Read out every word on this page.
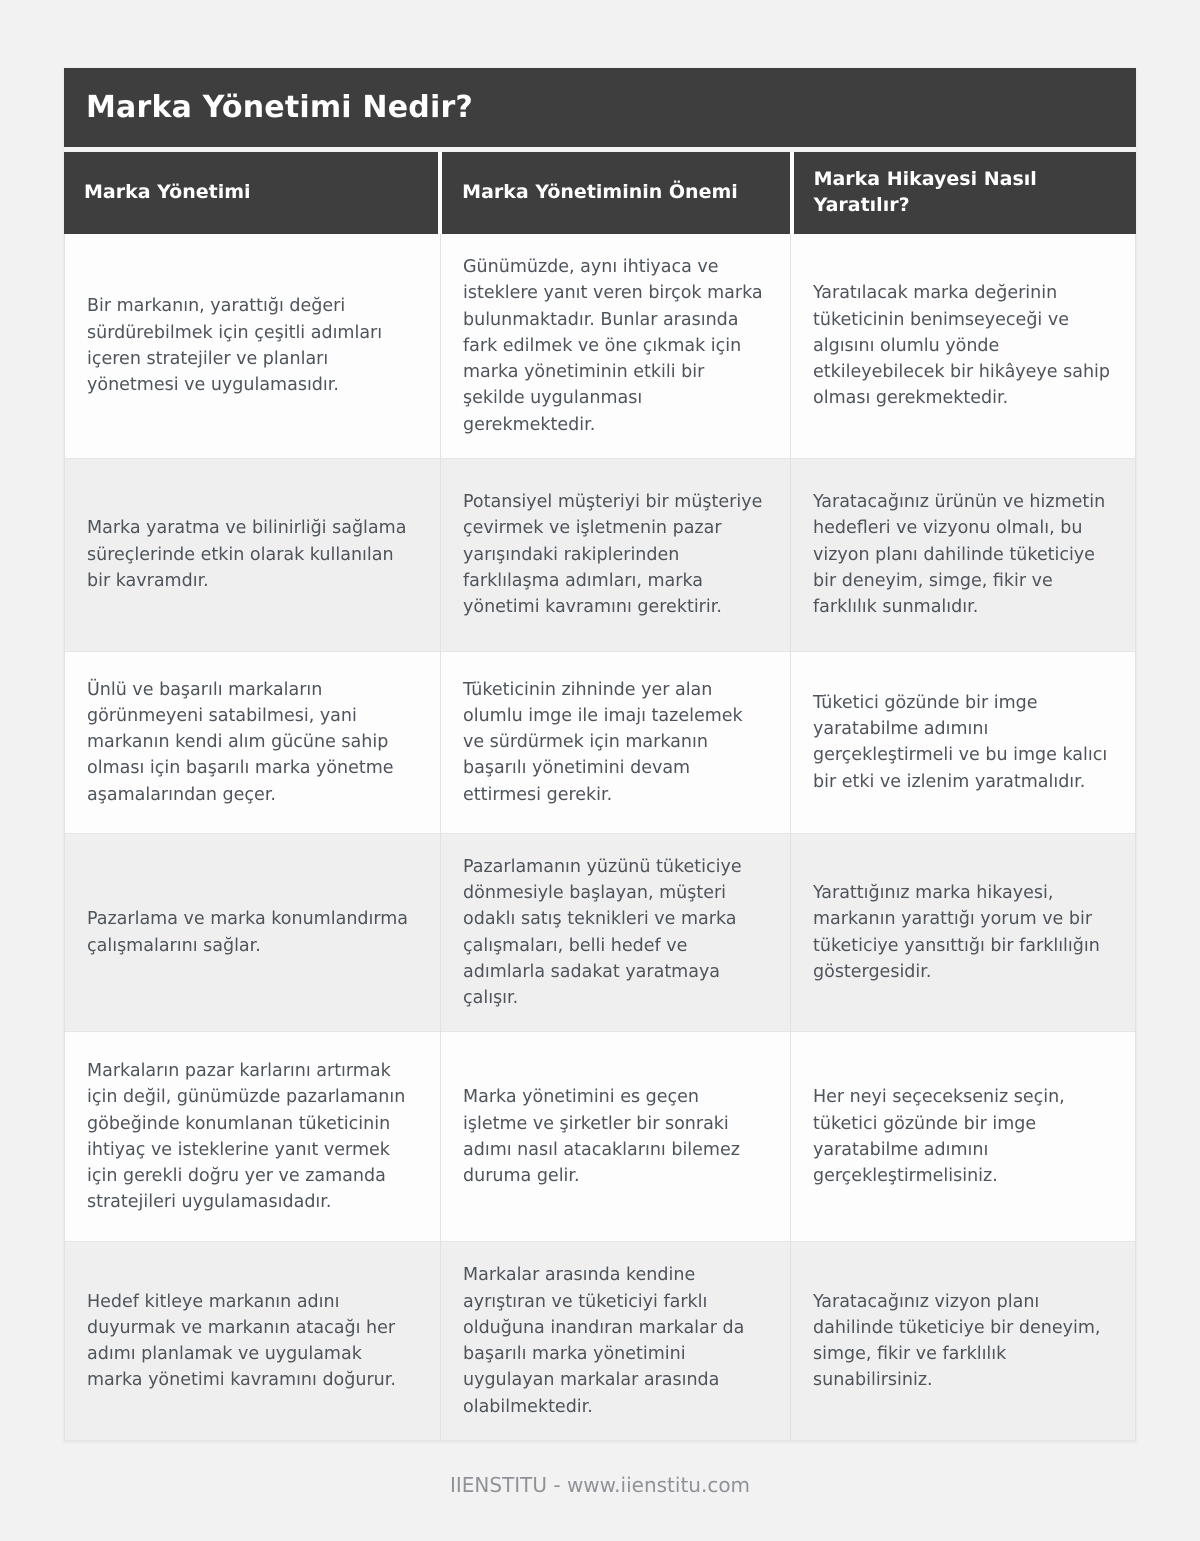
Marka Yönetimi Nedir?
Marka Yönetimi	Marka Yönetiminin Önemi
Marka Hikayesi Nasıl Yaratılır?
Bir markanın, yarattığı değeri sürdürebilmek için çeşitli adımları içeren stratejiler ve planları yönetmesi ve uygulamasıdır.
Günümüzde, aynı ihtiyaca ve isteklere yanıt veren birçok marka bulunmaktadır. Bunlar arasında fark edilmek ve öne çıkmak için marka yönetiminin etkili bir şekilde uygulanması gerekmektedir.
Yaratılacak marka değerinin tüketicinin benimseyeceği ve algısını olumlu yönde etkileyebilecek bir hikâyeye sahip olması gerekmektedir.
Marka yaratma ve bilinirliği sağlama süreçlerinde etkin olarak kullanılan bir kavramdır.
Potansiyel müşteriyi bir müşteriye çevirmek ve işletmenin pazar yarışındaki rakiplerinden farklılaşma adımları, marka yönetimi kavramını gerektirir.
Yaratacağınız ürünün ve hizmetin hedefleri ve vizyonu olmalı, bu vizyon planı dahilinde tüketiciye bir deneyim, simge, fikir ve farklılık sunmalıdır.
Ünlü ve başarılı markaların görünmeyeni satabilmesi, yani markanın kendi alım gücüne sahip olması için başarılı marka yönetme aşamalarından geçer.
Tüketicinin zihninde yer alan olumlu imge ile imajı tazelemek ve sürdürmek için markanın başarılı yönetimini devam ettirmesi gerekir.
Tüketici gözünde bir imge yaratabilme adımını gerçekleştirmeli ve bu imge kalıcı bir etki ve izlenim yaratmalıdır.
Pazarlama ve marka konumlandırma çalışmalarını sağlar.
Pazarlamanın yüzünü tüketiciye dönmesiyle başlayan, müşteri odaklı satış teknikleri ve marka çalışmaları, belli hedef ve adımlarla sadakat yaratmaya çalışır.
Yarattığınız marka hikayesi, markanın yarattığı yorum ve bir tüketiciye yansıttığı bir farklılığın göstergesidir.
Markaların pazar karlarını artırmak için değil, günümüzde pazarlamanın göbeğinde konumlanan tüketicinin ihtiyaç ve isteklerine yanıt vermek için gerekli doğru yer ve zamanda stratejileri uygulamasıdadır.
Marka yönetimini es geçen işletme ve şirketler bir sonraki adımı nasıl atacaklarını bilemez duruma gelir.
Her neyi seçecekseniz seçin, tüketici gözünde bir imge yaratabilme adımını gerçekleştirmelisiniz.
Hedef kitleye markanın adını duyurmak ve markanın atacağı her adımı planlamak ve uygulamak marka yönetimi kavramını doğurur.
Markalar arasında kendine ayrıştıran ve tüketiciyi farklı olduğuna inandıran markalar da başarılı marka yönetimini uygulayan markalar arasında olabilmektedir.
Yaratacağınız vizyon planı dahilinde tüketiciye bir deneyim, simge, fikir ve farklılık sunabilirsiniz.
IIENSTITU - www.iienstitu.com
